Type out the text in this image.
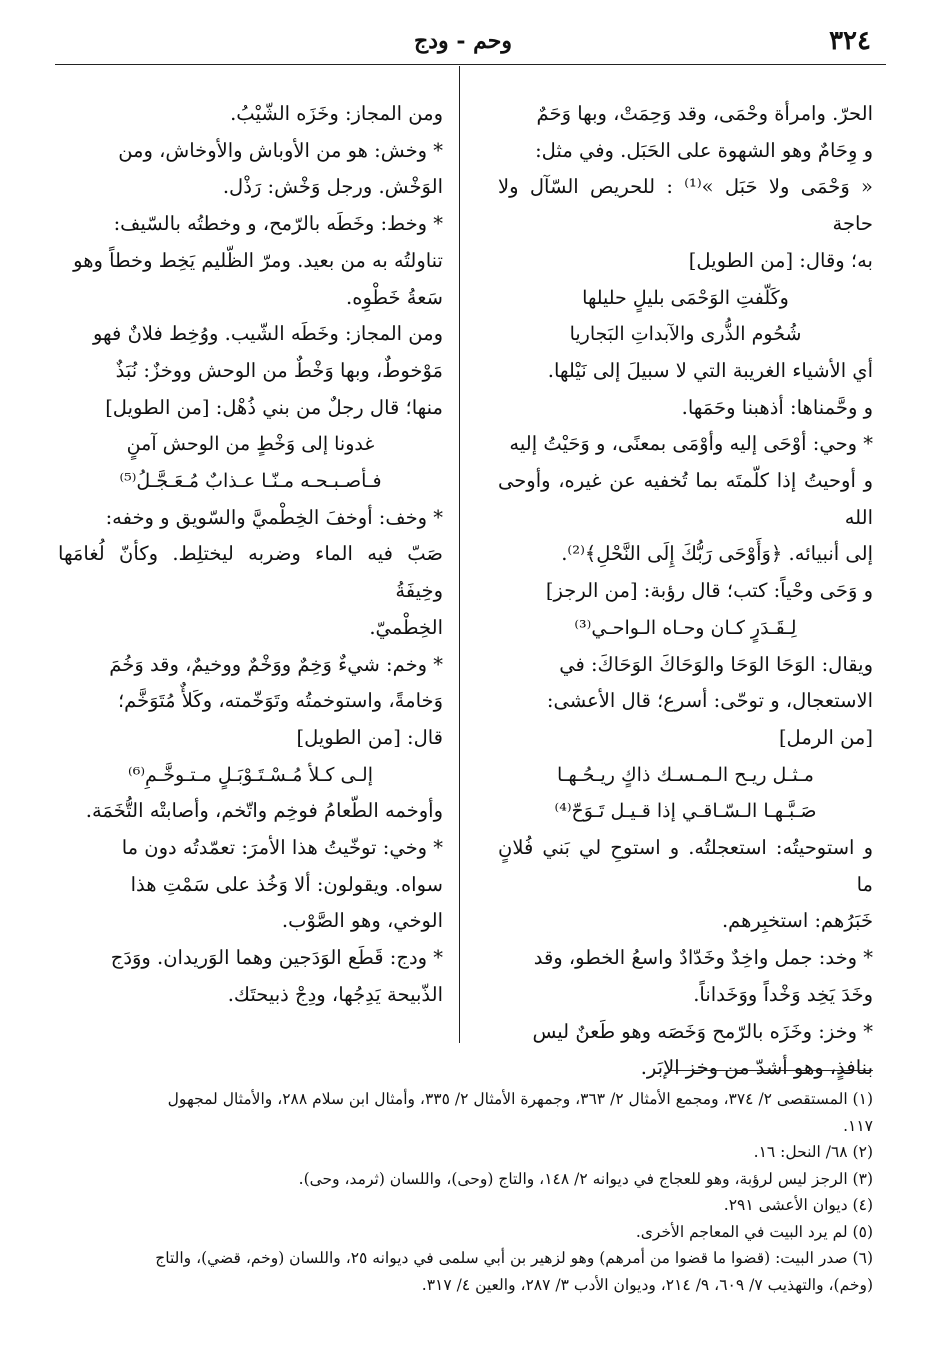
٣٢٤
وحم - ودج

الحرّ. وامرأة وحْمَى، وقد وَحِمَتْ، وبها وَحَمٌ

و وِحَامٌ وهو الشهوة على الحَبَل. وفي مثل:

« وَحْمَى ولا حَبَل »⁽¹⁾ : للحريص السّآل ولا حاجة

به؛ وقال: [من الطويل]

وكَلّفتِ الوَحْمَى بليلٍ حليلها

شُحُوم الذُّرى والآبداتِ البَجاريا

أي الأشياء الغريبة التي لا سبيلَ إلى نَيْلها.

و وحَّمناها: أذهبنا وحَمَها.

* وحي: أوْحَى إليه وأوْمَى بمعنًى، و وَحَيْتُ إليه

و أوحيتُ إذا كلّمتَه بما تُخفيه عن غيره، وأوحى الله

إلى أنبيائه. ﴿وَأَوْحَى رَبُّكَ إِلَى النَّحْلِ﴾⁽²⁾.

و وَحَى وحْياً: كتب؛ قال رؤبة: [من الرجز]

لِـقَـدَرٍ كـان وحـاه الـواحـي⁽³⁾

ويقال: الوَحَا الوَحَا والوَحَاكَ الوَحَاكَ: في

الاستعجال، و توحّى: أسرع؛ قال الأعشى:

[من الرمل]

مـثـل ريـح الـمـسـك ذاكٍ ريـحُـهـا

صَـبَّـهـا الـسّـاقـي إذا قـيـل تَـوَحّ⁽⁴⁾

و استوحيتُه: استعجلتُه. و استوحِ لي بَني فُلانٍ ما

خَبَرُهم: استخبِرهم.

* وخد: جمل واخِدٌ وخَدّادٌ واسعُ الخطو، وقد

وخَدَ يَخِد وَخْداً ووَخَداناً.

* وخز: وخَزَه بالرّمح وَخَصَه وهو طَعنٌ ليس

بنافذٍ، وهو أشدّ من وخز الإبَر.

ومن المجاز: وخَزَه الشّيْبُ.

* وخش: هو من الأوباش والأوخاش، ومن

الوَخْش. ورجل وَخْش: رَذْل.

* وخط: وخَطَه بالرّمح، و وخطتُه بالسّيف:

تناولتُه به من بعيد. ومرّ الظّليم يَخِط وخطاً وهو

سَعةُ خَطْوِه.

ومن المجاز: وخَطَه الشّيب. ووُخِط فلانٌ فهو

مَوْخوطٌ، وبها وَخْطٌ من الوحش ووخزٌ: نُبَذٌ

منها؛ قال رجلٌ من بني ذُهْل: [من الطويل]

غدونا إلى وَخْطٍ من الوحش آمنٍ

فـأصـبـحـه مـنّـا عـذابٌ مُـعَـجَّـلُ⁽⁵⁾

* وخف: أوخفَ الخِطْميَّ والسّويق و وخفه:

صَبّ فيه الماء وضربه ليختلِط. وكأنّ لُغامَها وخِيفَةُ

الخِطْميّ.

* وخم: شيءٌ وَخِمٌ ووَخْمٌ ووخيمٌ، وقد وَخُمَ

وَخامةً، واستوخمتُه وتَوَخّمته، وكَلأٌ مُتَوَخَّم؛

قال: [من الطويل]

إلـى كـلأ مُـسْـتَـوْبَـلٍ مـتـوخَّـمِ⁽⁶⁾

وأوخمه الطّعامُ فوخِم واتّخم، وأصابتْه التُّخَمَة.

* وخي: توخّيتُ هذا الأمرَ: تعمّدتُه دون ما

سواه. ويقولون: ألا وَخُذ على سَمْتِ هذا

الوخي، وهو الصَّوْب.

* ودج: قَطَع الوَدَجين وهما الوَريدان. ووَدَج

الذّبيحة يَدِجُها، ودِجْ ذبيحتَك.

(١) المستقصى ٢/ ٣٧٤، ومجمع الأمثال ٢/ ٣٦٣، وجمهرة الأمثال ٢/ ٣٣٥، وأمثال ابن سلام ٢٨٨، والأمثال لمجهول

١١٧.

(٢) ٦٨/ النحل: ١٦.

(٣) الرجز ليس لرؤبة، وهو للعجاج في ديوانه ٢/ ١٤٨، والتاج (وحى)، واللسان (ثرمد، وحى).

(٤) ديوان الأعشى ٢٩١.

(٥) لم يرد البيت في المعاجم الأخرى.

(٦) صدر البيت: (قضوا ما قضوا من أمرهم) وهو لزهير بن أبي سلمى في ديوانه ٢٥، واللسان (وخم، قضي)، والتاج

(وخم)، والتهذيب ٧/ ٦٠٩، ٩/ ٢١٤، وديوان الأدب ٣/ ٢٨٧، والعين ٤/ ٣١٧.
